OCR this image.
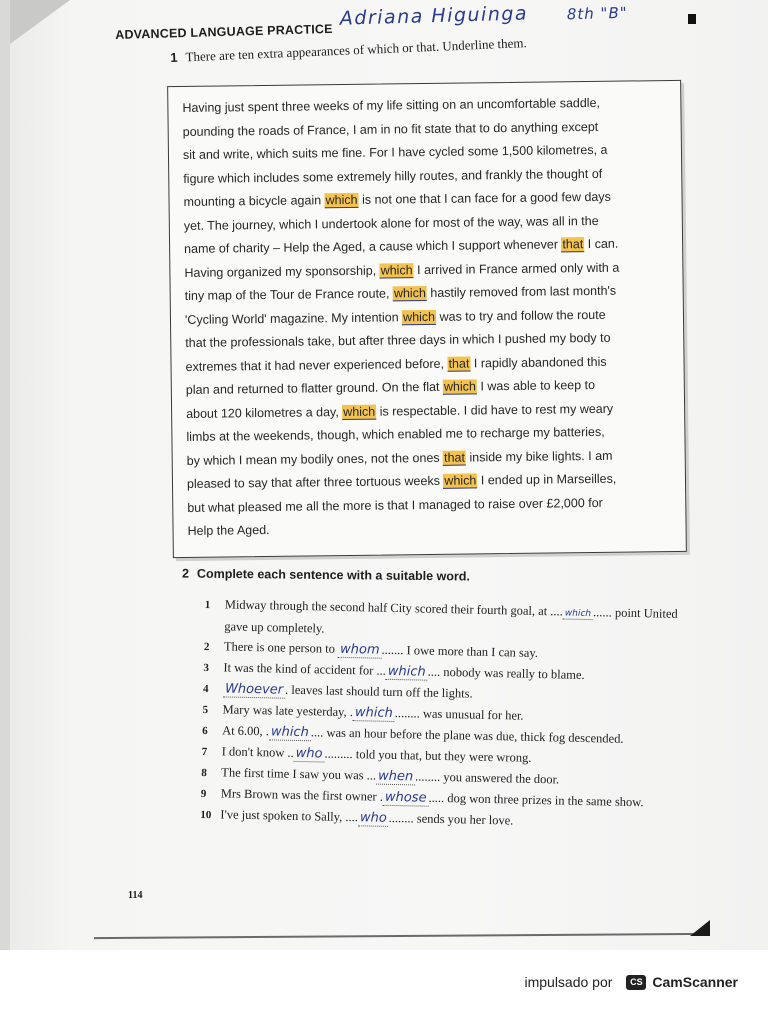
ADVANCED LANGUAGE PRACTICE
Adriana Higuinga	8th "B"
1 There are ten extra appearances of which or that. Underline them.
Having just spent three weeks of my life sitting on an uncomfortable saddle,
pounding the roads of France, I am in no fit state that to do anything except
sit and write, which suits me fine. For I have cycled some 1,500 kilometres, a
figure which includes some extremely hilly routes, and frankly the thought of
mounting a bicycle again which is not one that I can face for a good few days
yet. The journey, which I undertook alone for most of the way, was all in the
name of charity – Help the Aged, a cause which I support whenever that I can.
Having organized my sponsorship, which I arrived in France armed only with a
tiny map of the Tour de France route, which hastily removed from last month's
'Cycling World' magazine. My intention which was to try and follow the route
that the professionals take, but after three days in which I pushed my body to
extremes that it had never experienced before, that I rapidly abandoned this
plan and returned to flatter ground. On the flat which I was able to keep to
about 120 kilometres a day, which is respectable. I did have to rest my weary
limbs at the weekends, though, which enabled me to recharge my batteries,
by which I mean my bodily ones, not the ones that inside my bike lights. I am
pleased to say that after three tortuous weeks which I ended up in Marseilles,
but what pleased me all the more is that I managed to raise over £2,000 for
Help the Aged.
2 Complete each sentence with a suitable word.
1	Midway through the second half City scored their fourth goal, at .... which ...... point United gave up completely.
2	There is one person to whom ....... I owe more than I can say.
3	It was the kind of accident for ... which .... nobody was really to blame.
4	Whoever . leaves last should turn off the lights.
5	Mary was late yesterday, . which ........ was unusual for her.
6	At 6.00, . which .... was an hour before the plane was due, thick fog descended.
7	I don't know .. who ......... told you that, but they were wrong.
8	The first time I saw you was ... when ........ you answered the door.
9	Mrs Brown was the first owner . whose ..... dog won three prizes in the same show.
10 I've just spoken to Sally, .... who ........ sends you her love.
114
impulsado por	CS CamScanner
